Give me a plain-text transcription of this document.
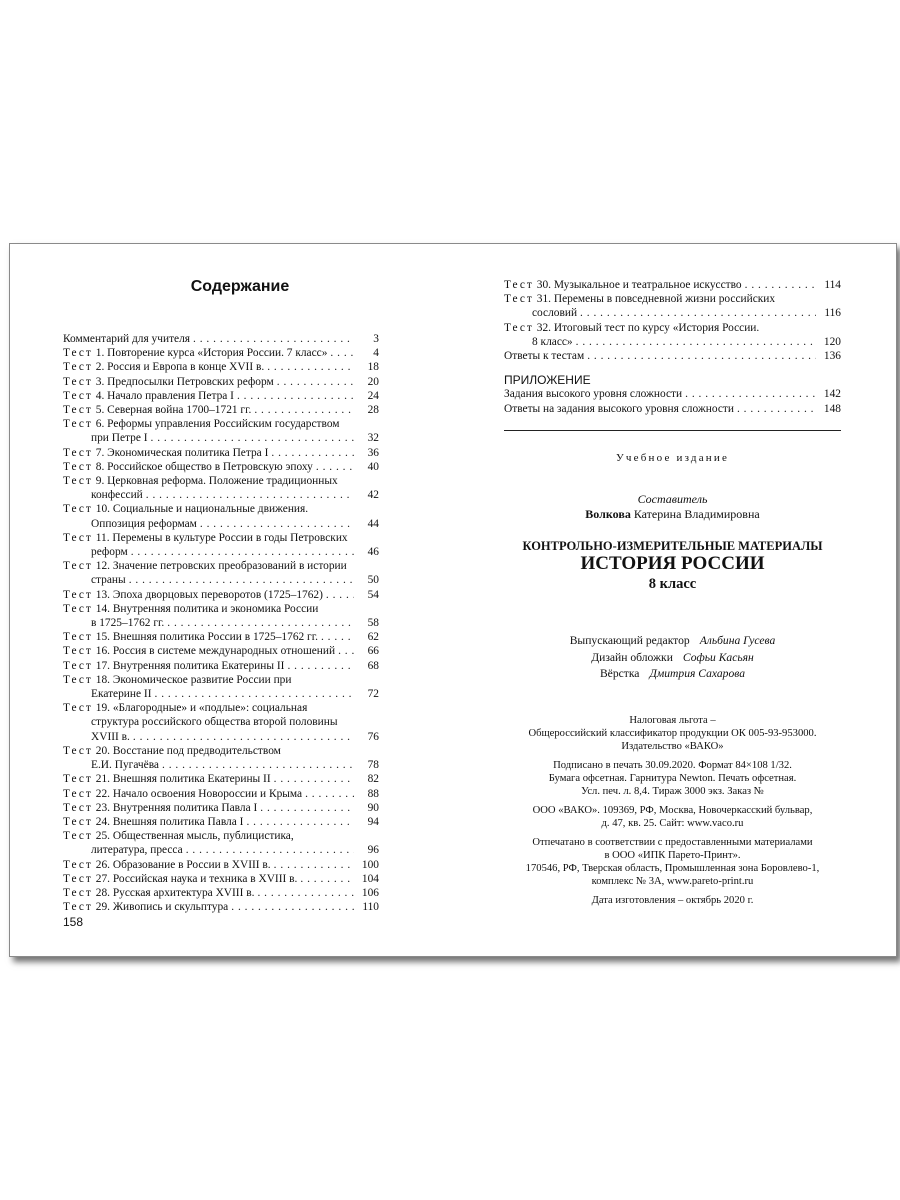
Содержание
Комментарий для учителя . . .	3
Тест 1. Повторение курса «История России. 7 класс» . . .	4
Тест 2. Россия и Европа в конце XVII в. . . .	18
Тест 3. Предпосылки Петровских реформ . . .	20
Тест 4. Начало правления Петра I . . .	24
Тест 5. Северная война 1700–1721 гг. . . .	28
Тест 6. Реформы управления Российским государством
при Петре I . . .	32
Тест 7. Экономическая политика Петра I . . .	36
Тест 8. Российское общество в Петровскую эпоху . . .	40
Тест 9. Церковная реформа. Положение традиционных
конфессий . . .	42
Тест 10. Социальные и национальные движения.
Оппозиция реформам . . .	44
Тест 11. Перемены в культуре России в годы Петровских
реформ . . .	46
Тест 12. Значение петровских преобразований в истории
страны . . .	50
Тест 13. Эпоха дворцовых переворотов (1725–1762) . . .	54
Тест 14. Внутренняя политика и экономика России
в 1725–1762 гг. . . .	58
Тест 15. Внешняя политика России в 1725–1762 гг. . . .	62
Тест 16. Россия в системе международных отношений . . .	66
Тест 17. Внутренняя политика Екатерины II . . .	68
Тест 18. Экономическое развитие России при
Екатерине II . . .	72
Тест 19. «Благородные» и «подлые»: социальная
структура российского общества второй половины
XVIII в. . . .	76
Тест 20. Восстание под предводительством
Е.И. Пугачёва . . .	78
Тест 21. Внешняя политика Екатерины II . . .	82
Тест 22. Начало освоения Новороссии и Крыма . . .	88
Тест 23. Внутренняя политика Павла I . . .	90
Тест 24. Внешняя политика Павла I . . .	94
Тест 25. Общественная мысль, публицистика,
литература, пресса . . .	96
Тест 26. Образование в России в XVIII в. . . .	100
Тест 27. Российская наука и техника в XVIII в. . . .	104
Тест 28. Русская архитектура XVIII в. . . .	106
Тест 29. Живопись и скульптура . . .	110
158
Тест 30. Музыкальное и театральное искусство . . .	114
Тест 31. Перемены в повседневной жизни российских
сословий . . .	116
Тест 32. Итоговый тест по курсу «История России.
8 класс» . . .	120
Ответы к тестам . . .	136
ПРИЛОЖЕНИЕ
Задания высокого уровня сложности . . .	142
Ответы на задания высокого уровня сложности . . .	148
Учебное издание
Составитель
Волкова Катерина Владимировна
КОНТРОЛЬНО-ИЗМЕРИТЕЛЬНЫЕ МАТЕРИАЛЫ
ИСТОРИЯ РОССИИ
8 класс
Выпускающий редактор Альбина Гусева
Дизайн обложки Софьи Касьян
Вёрстка Дмитрия Сахарова
Налоговая льгота –
Общероссийский классификатор продукции ОК 005-93-953000.
Издательство «ВАКО»
Подписано в печать 30.09.2020. Формат 84×108 1/32.
Бумага офсетная. Гарнитура Newton. Печать офсетная.
Усл. печ. л. 8,4. Тираж 3000 экз. Заказ №
ООО «ВАКО». 109369, РФ, Москва, Новочеркасский бульвар,
д. 47, кв. 25. Сайт: www.vaco.ru
Отпечатано в соответствии с предоставленными материалами
в ООО «ИПК Парето-Принт».
170546, РФ, Тверская область, Промышленная зона Боровлево-1,
комплекс № 3А, www.pareto-print.ru
Дата изготовления – октябрь 2020 г.
